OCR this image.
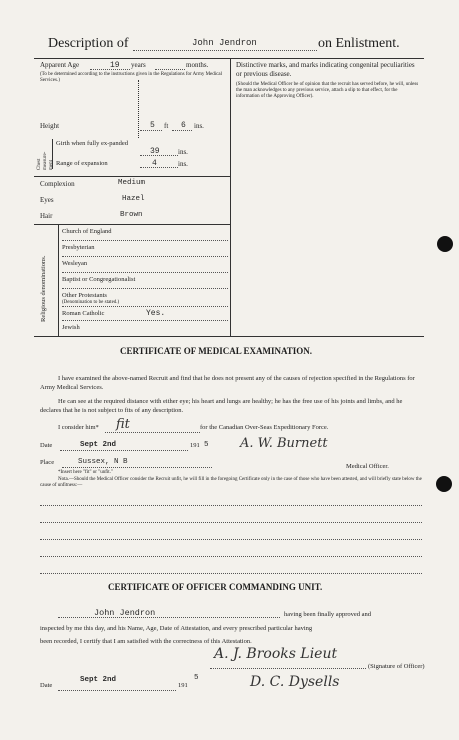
Description of	John Jendron	on Enlistment.
Apparent Age	19 years	months.
(To be determined according to the instructions given in the Regulations for Army Medical Services.)
Height	5 ft 6 ins.
Chest measure-ment
Girth when fully ex-panded
39	ins.
Range of expansion	4	ins.
Complexion	Medium
Eyes	Hazel
Hair	Brown
Religious denominations.
Church of England
Presbyterian
Wesleyan
Baptist or Congregationalist
Other Protestants
(Denomination to be stated.)
Roman Catholic	Yes.
Jewish
Distinctive marks, and marks indicating congenital peculiarities or previous disease.
(Should the Medical Officer be of opinion that the recruit has served before, he will, unless the man acknowledges to any previous service, attach a slip to that effect, for the information of the Approving Officer).
CERTIFICATE OF MEDICAL EXAMINATION.
I have examined the above-named Recruit and find that he does not present any of the causes of rejection specified in the Regulations for Army Medical Services.
He can see at the required distance with either eye; his heart and lungs are healthy; he has the free use of his joints and limbs, and he declares that he is not subject to fits of any description.
I consider him* fit	for the Canadian Over-Seas Expeditionary Force.
Date	Sept 2nd	191 5 A. W. Burnett
Place	Sussex, N B
Medical Officer.
*Insert here "fit" or "unfit."
Nota.—Should the Medical Officer consider the Recruit unfit, he will fill in the foregoing Certificate only in the case of those who have been attested, and will briefly state below the cause of unfitness:—
CERTIFICATE OF OFFICER COMMANDING UNIT.
John Jendron	having been finally approved and
inspected by me this day, and his Name, Age, Date of Attestation, and every prescribed particular having
been recorded, I certify that I am satisfied with the correctness of this Attestation.
A. J. Brooks Lieut
(Signature of Officer)
Date
Sept 2nd
191
5	D. C. Dysells
